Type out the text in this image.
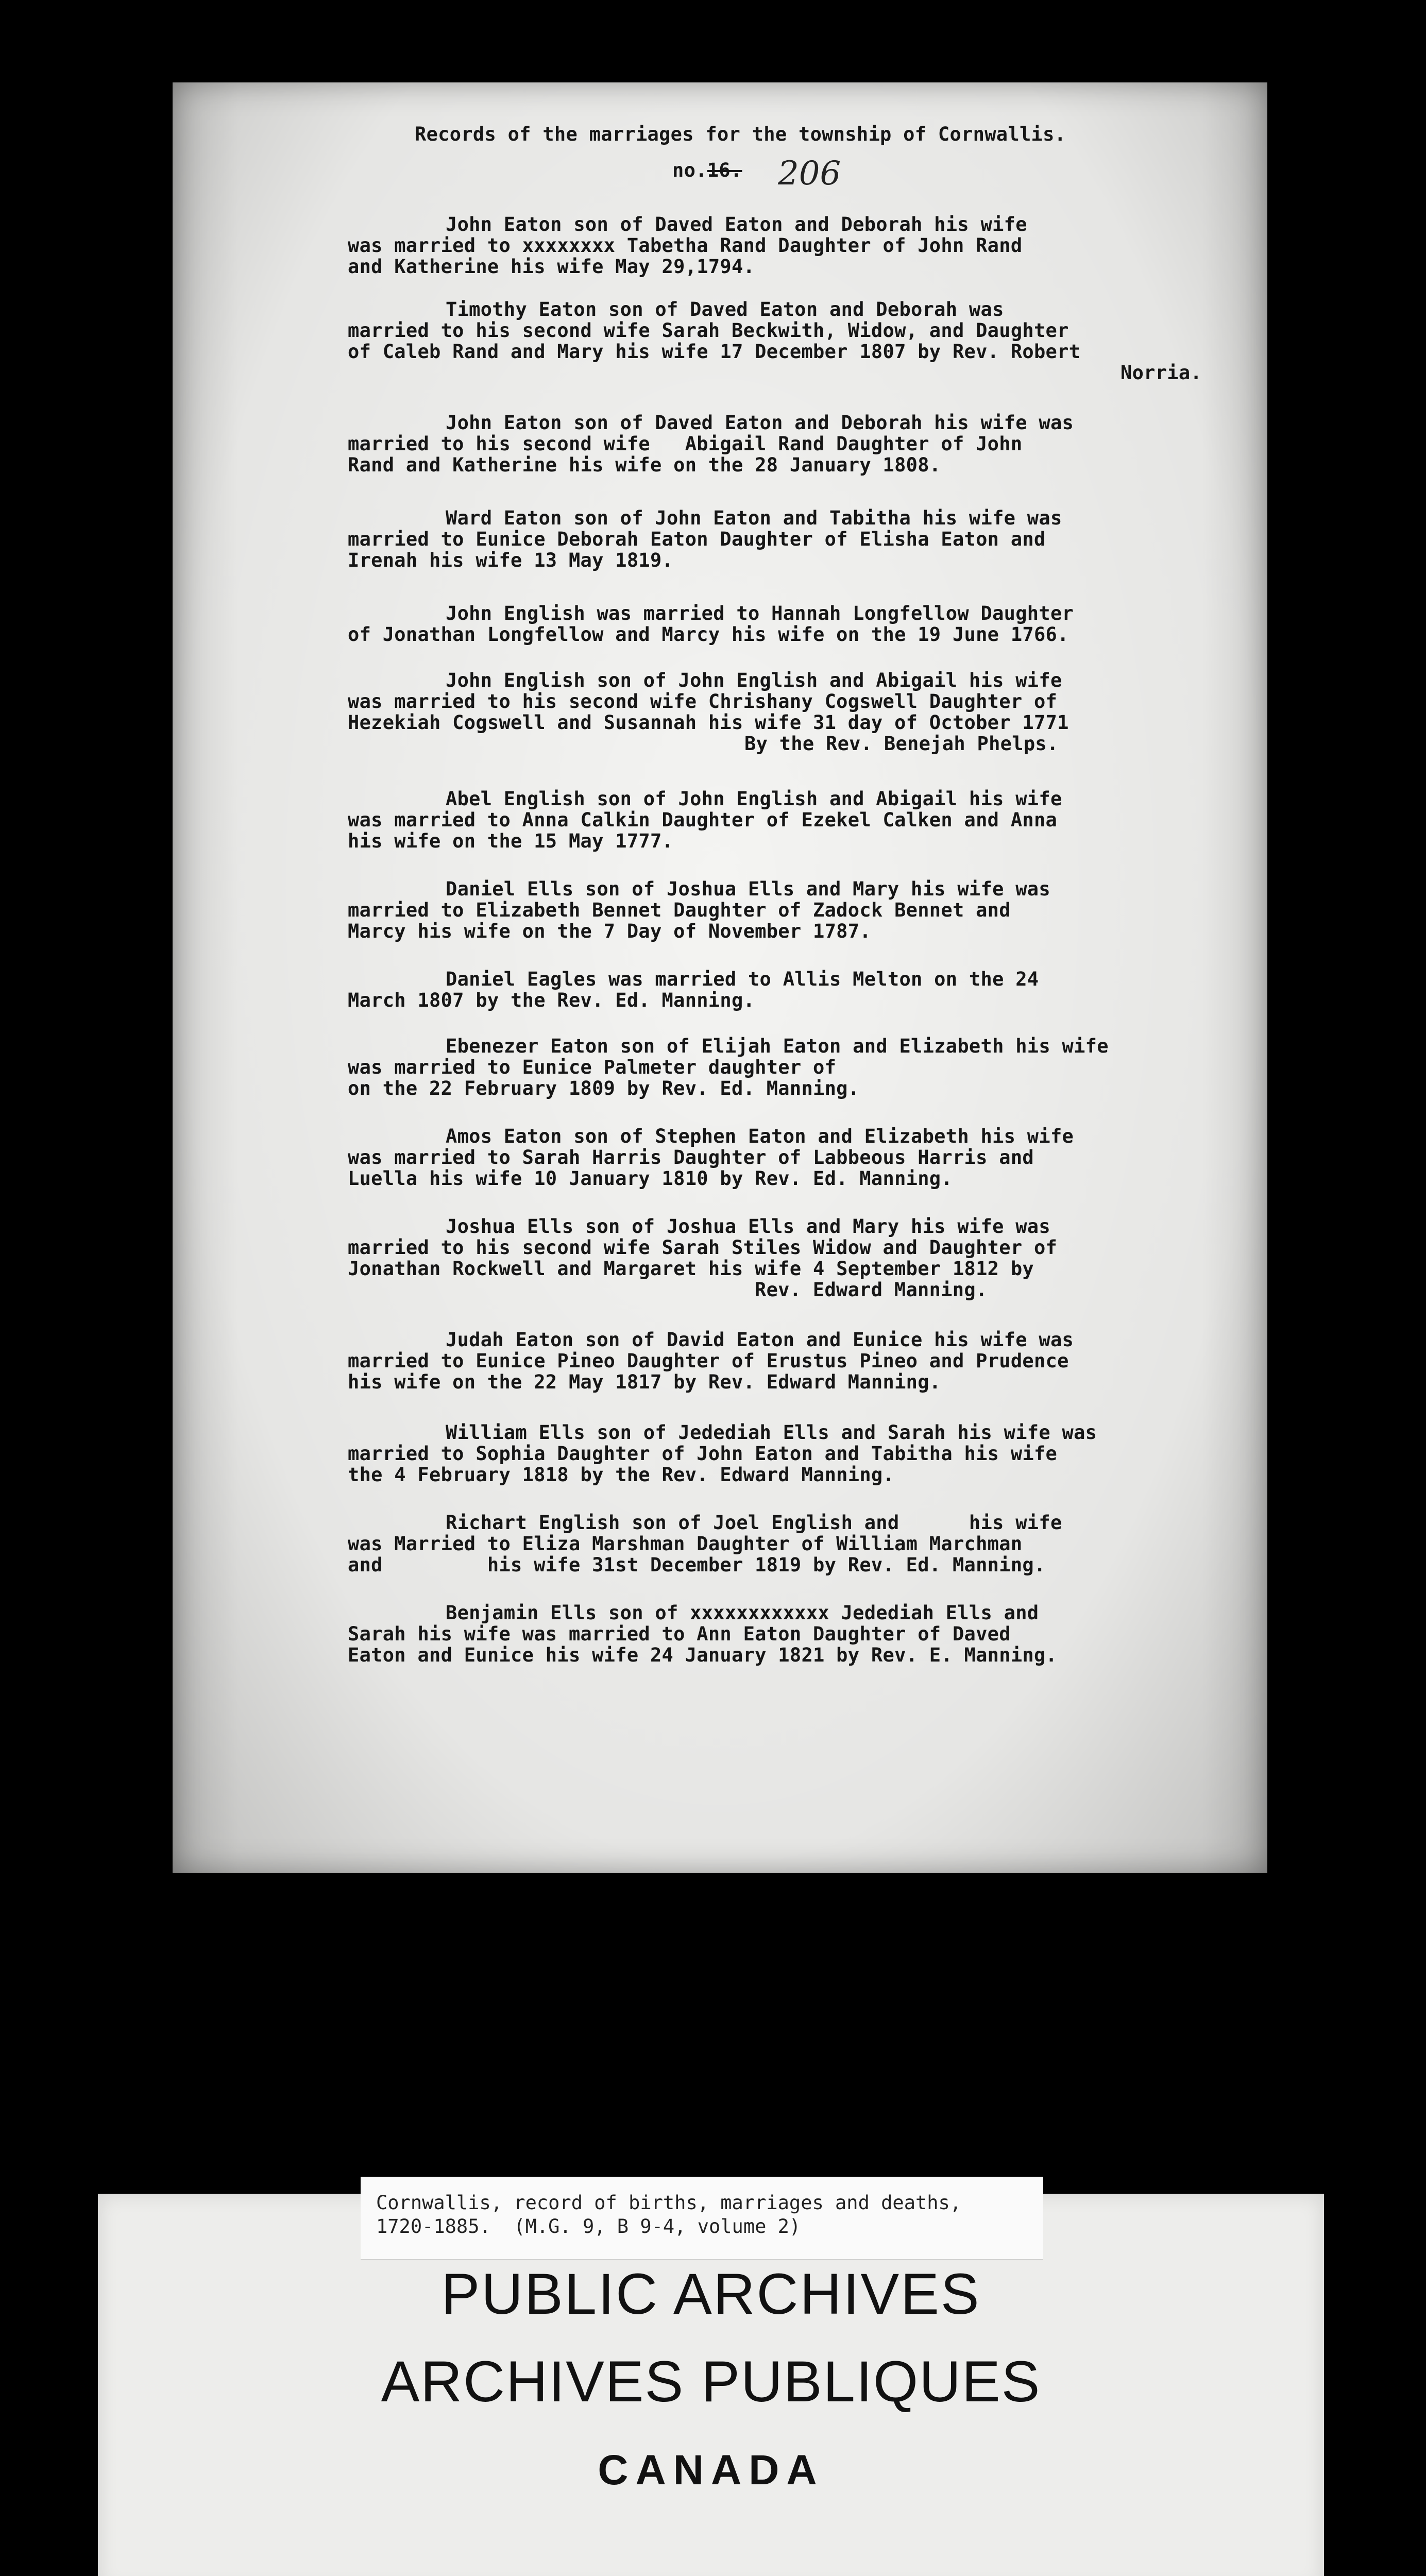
Records of the marriages for the township of Cornwallis.
no.16. 206
John Eaton son of Daved Eaton and Deborah his wife
was married to xxxxxxxx Tabetha Rand Daughter of John Rand
and Katherine his wife May 29,1794.
Timothy Eaton son of Daved Eaton and Deborah was
married to his second wife Sarah Beckwith, Widow, and Daughter
of Caleb Rand and Mary his wife 17 December 1807 by Rev. Robert
Norria.
John Eaton son of Daved Eaton and Deborah his wife was
married to his second wife   Abigail Rand Daughter of John
Rand and Katherine his wife on the 28 January 1808.
Ward Eaton son of John Eaton and Tabitha his wife was
married to Eunice Deborah Eaton Daughter of Elisha Eaton and
Irenah his wife 13 May 1819.
John English was married to Hannah Longfellow Daughter
of Jonathan Longfellow and Marcy his wife on the 19 June 1766.
John English son of John English and Abigail his wife
was married to his second wife Chrishany Cogswell Daughter of
Hezekiah Cogswell and Susannah his wife 31 day of October 1771
By the Rev. Benejah Phelps.
Abel English son of John English and Abigail his wife
was married to Anna Calkin Daughter of Ezekel Calken and Anna
his wife on the 15 May 1777.
Daniel Ells son of Joshua Ells and Mary his wife was
married to Elizabeth Bennet Daughter of Zadock Bennet and
Marcy his wife on the 7 Day of November 1787.
Daniel Eagles was married to Allis Melton on the 24
March 1807 by the Rev. Ed. Manning.
Ebenezer Eaton son of Elijah Eaton and Elizabeth his wife
was married to Eunice Palmeter daughter of
on the 22 February 1809 by Rev. Ed. Manning.
Amos Eaton son of Stephen Eaton and Elizabeth his wife
was married to Sarah Harris Daughter of Labbeous Harris and
Luella his wife 10 January 1810 by Rev. Ed. Manning.
Joshua Ells son of Joshua Ells and Mary his wife was
married to his second wife Sarah Stiles Widow and Daughter of
Jonathan Rockwell and Margaret his wife 4 September 1812 by
Rev. Edward Manning.
Judah Eaton son of David Eaton and Eunice his wife was
married to Eunice Pineo Daughter of Erustus Pineo and Prudence
his wife on the 22 May 1817 by Rev. Edward Manning.
William Ells son of Jedediah Ells and Sarah his wife was
married to Sophia Daughter of John Eaton and Tabitha his wife
the 4 February 1818 by the Rev. Edward Manning.
Richart English son of Joel English and      his wife
was Married to Eliza Marshman Daughter of William Marchman
and         his wife 31st December 1819 by Rev. Ed. Manning.
Benjamin Ells son of xxxxxxxxxxxx Jedediah Ells and
Sarah his wife was married to Ann Eaton Daughter of Daved
Eaton and Eunice his wife 24 January 1821 by Rev. E. Manning.
PUBLIC ARCHIVES
ARCHIVES PUBLIQUES
CANADA
Cornwallis, record of births, marriages and deaths,
1720-1885.  (M.G. 9, B 9-4, volume 2)
